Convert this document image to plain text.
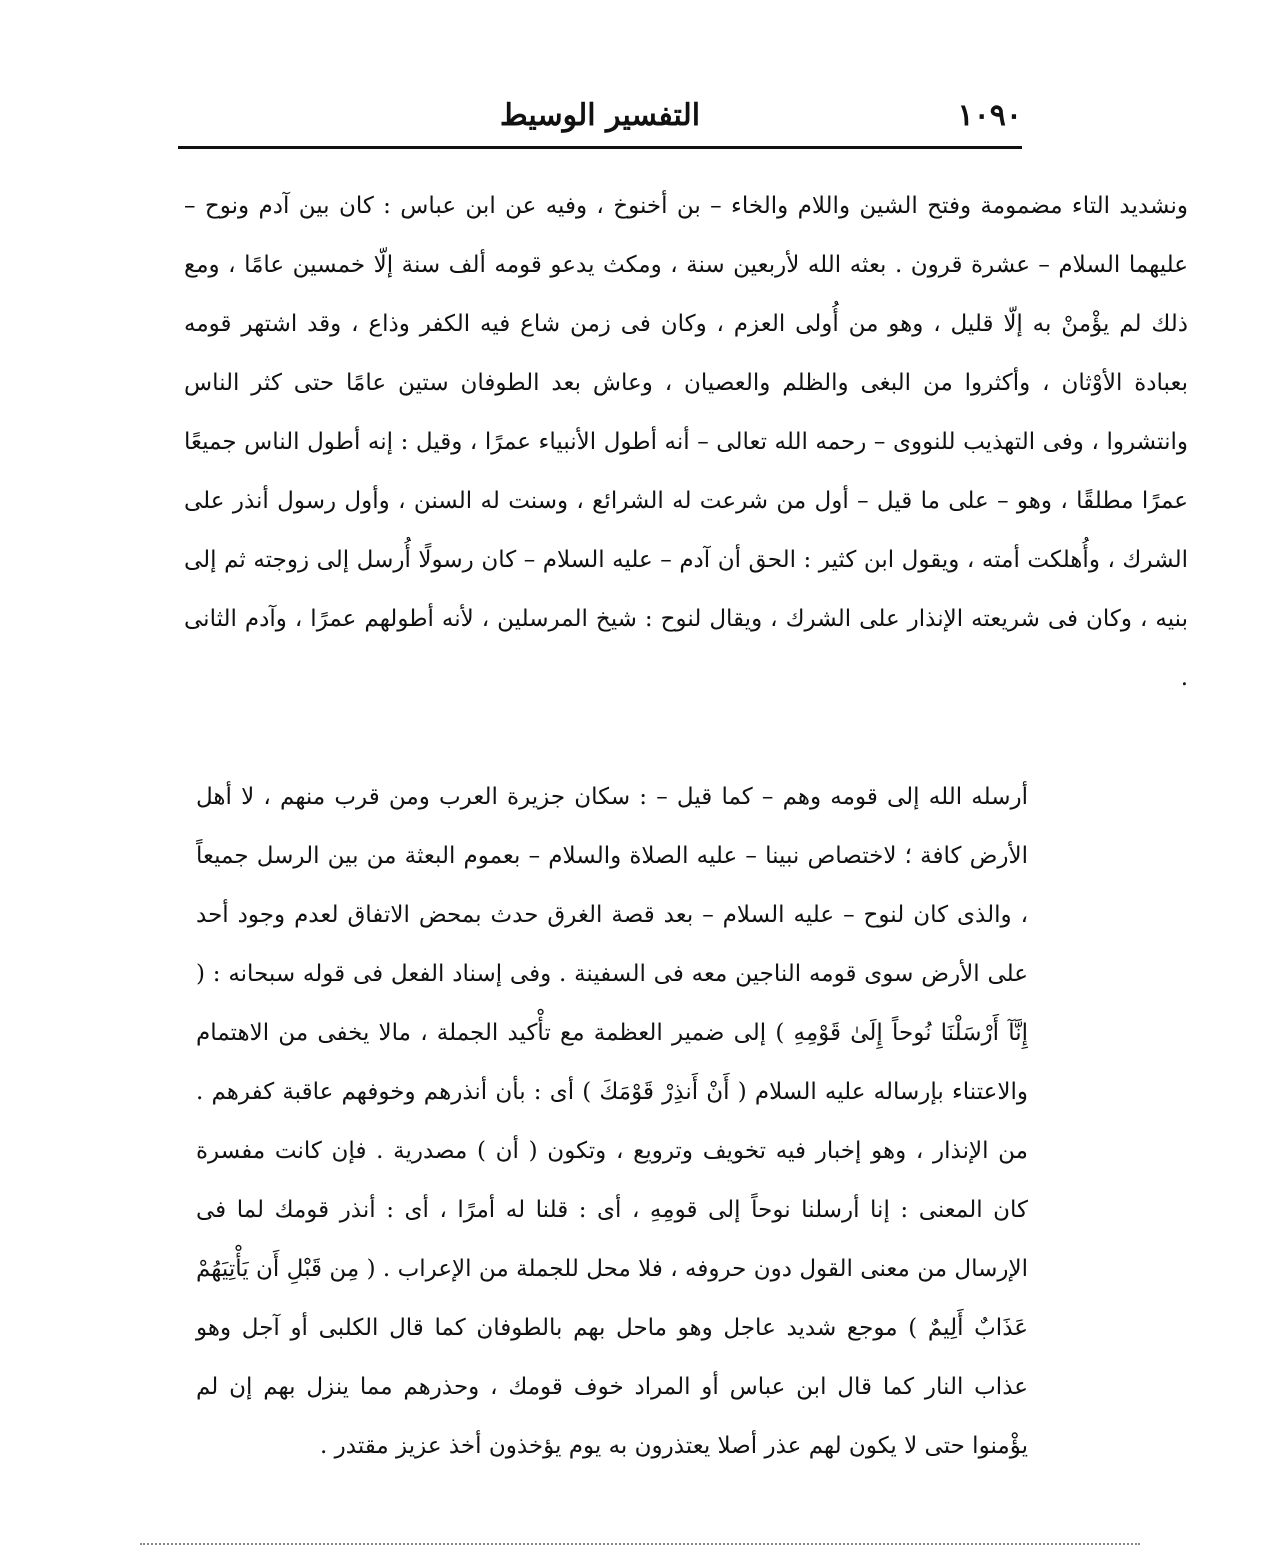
١٠٩٠
التفسير الوسيط

ونشديد التاء مضمومة وفتح الشين واللام والخاء – بن أخنوخ ، وفيه عن ابن عباس : كان بين آدم ونوح – عليهما السلام – عشرة قرون . بعثه الله لأربعين سنة ، ومكث يدعو قومه ألف سنة إلّا خمسين عامًا ، ومع ذلك لم يؤْمنْ به إلّا قليل ، وهو من أُولى العزم ، وكان فى زمن شاع فيه الكفر وذاع ، وقد اشتهر قومه بعبادة الأوْثان ، وأكثروا من البغى والظلم والعصيان ، وعاش بعد الطوفان ستين عامًا حتى كثر الناس وانتشروا ، وفى التهذيب للنووى – رحمه الله تعالى – أنه أطول الأنبياء عمرًا ، وقيل : إنه أطول الناس جميعًا عمرًا مطلقًا ، وهو – على ما قيل – أول من شرعت له الشرائع ، وسنت له السنن ، وأول رسول أنذر على الشرك ، وأُهلكت أمته ، ويقول ابن كثير : الحق أن آدم – عليه السلام – كان رسولًا أُرسل إلى زوجته ثم إلى بنيه ، وكان فى شريعته الإنذار على الشرك ، ويقال لنوح : شيخ المرسلين ، لأنه أطولهم عمرًا ، وآدم الثانى .

أرسله الله إلى قومه وهم – كما قيل – : سكان جزيرة العرب ومن قرب منهم ، لا أهل الأرض كافة ؛ لاختصاص نبينا – عليه الصلاة والسلام – بعموم البعثة من بين الرسل جميعاً ، والذى كان لنوح – عليه السلام – بعد قصة الغرق حدث بمحض الاتفاق لعدم وجود أحد على الأرض سوى قومه الناجين معه فى السفينة . وفى إسناد الفعل فى قوله سبحانه : ( إِنَّآ أَرْسَلْنَا نُوحاً إِلَىٰ قَوْمِهِ ) إلى ضمير العظمة مع تأْكيد الجملة ، مالا يخفى من الاهتمام والاعتناء بإرساله عليه السلام ( أَنْ أَنذِرْ قَوْمَكَ ) أى : بأن أنذرهم وخوفهم عاقبة كفرهم . من الإنذار ، وهو إخبار فيه تخويف وترويع ، وتكون ( أن ) مصدرية . فإن كانت مفسرة كان المعنى : إنا أرسلنا نوحاً إلى قومِهِ ، أى : قلنا له أمرًا ، أى : أنذر قومك لما فى الإرسال من معنى القول دون حروفه ، فلا محل للجملة من الإعراب . ( مِن قَبْلِ أَن يَأْتِيَهُمْ عَذَابٌ أَلِيمٌ ) موجع شديد عاجل وهو ماحل بهم بالطوفان كما قال الكلبى أو آجل وهو عذاب النار كما قال ابن عباس أو المراد خوف قومك ، وحذرهم مما ينزل بهم إن لم يؤْمنوا حتى لا يكون لهم عذر أصلا يعتذرون به يوم يؤخذون أخذ عزيز مقتدر .
